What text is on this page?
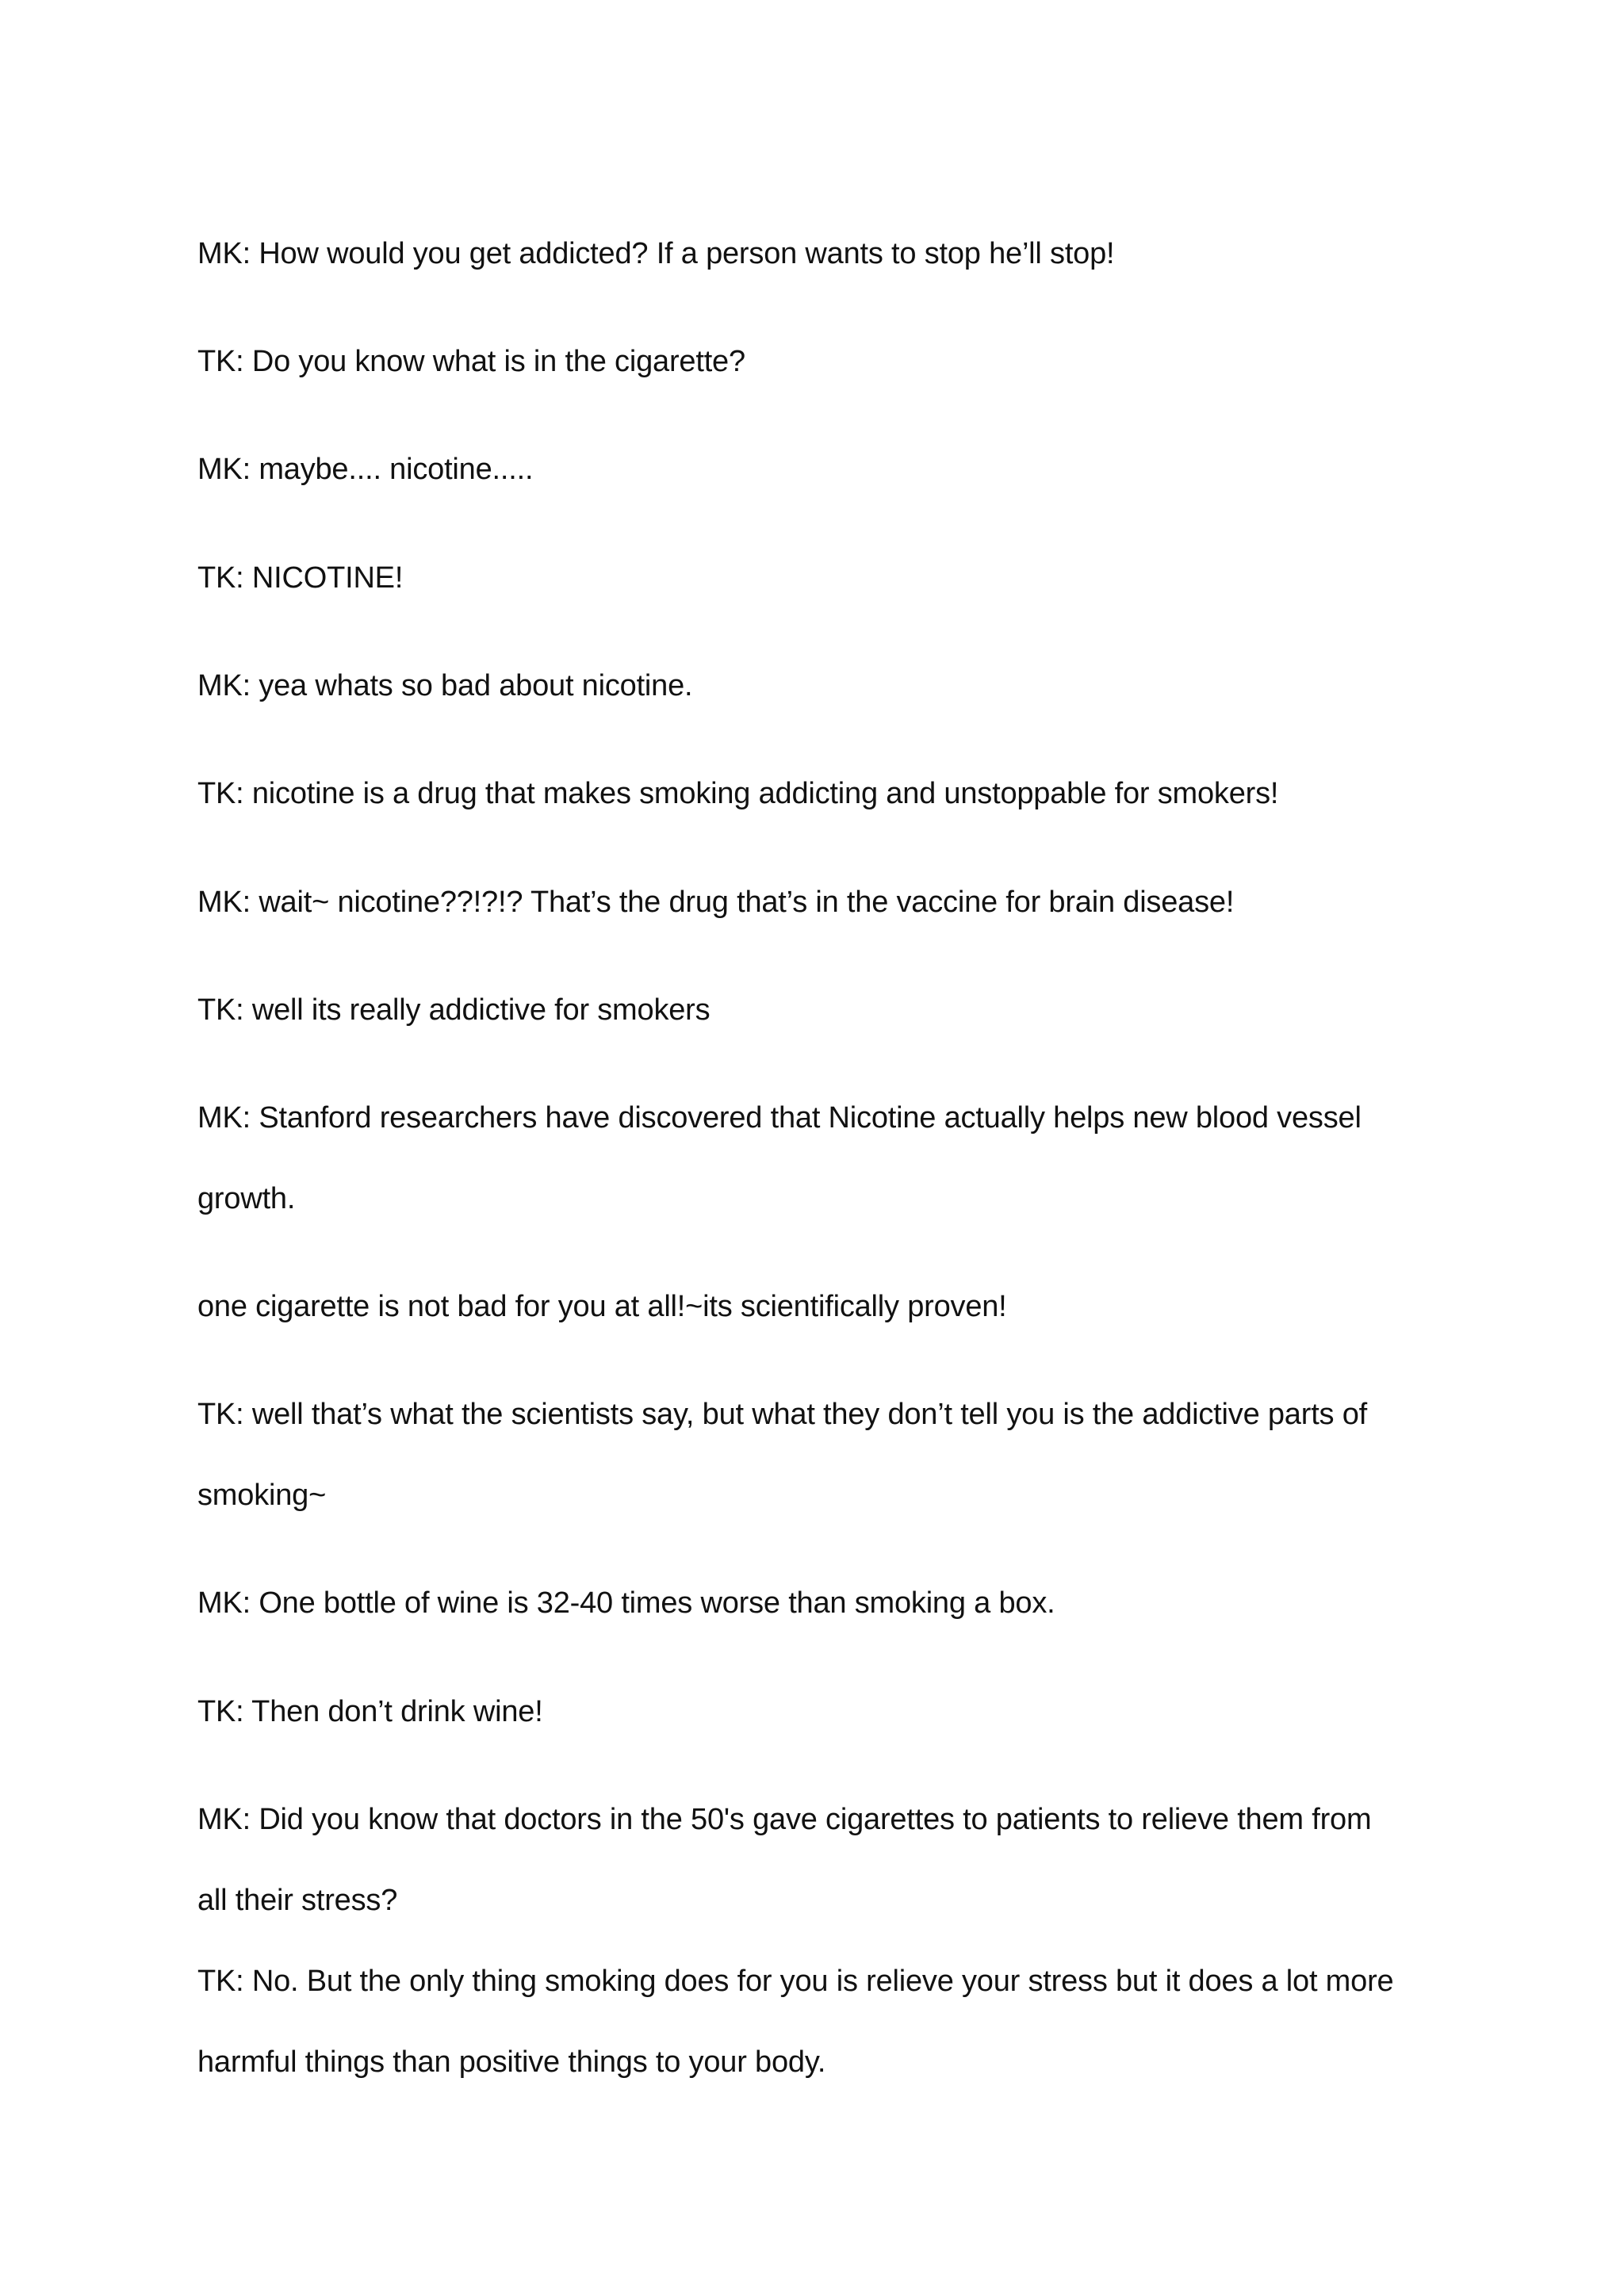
MK: How would you get addicted? If a person wants to stop he’ll stop!

TK: Do you know what is in the cigarette?

MK: maybe.... nicotine.....

TK: NICOTINE!

MK: yea whats so bad about nicotine.

TK: nicotine is a drug that makes smoking addicting and unstoppable for smokers!

MK: wait~ nicotine??!?!? That’s the drug that’s in the vaccine for brain disease!

TK: well its really addictive for smokers

MK: Stanford researchers have discovered that Nicotine actually helps new blood vessel

growth.

one cigarette is not bad for you at all!~its scientifically proven!

TK: well that’s what the scientists say, but what they don’t tell you is the addictive parts of

smoking~

MK: One bottle of wine is 32-40 times worse than smoking a box.

TK: Then don’t drink wine!

MK: Did you know that doctors in the 50's gave cigarettes to patients to relieve them from

all their stress?

TK: No. But the only thing smoking does for you is relieve your stress but it does a lot more

harmful things than positive things to your body.
